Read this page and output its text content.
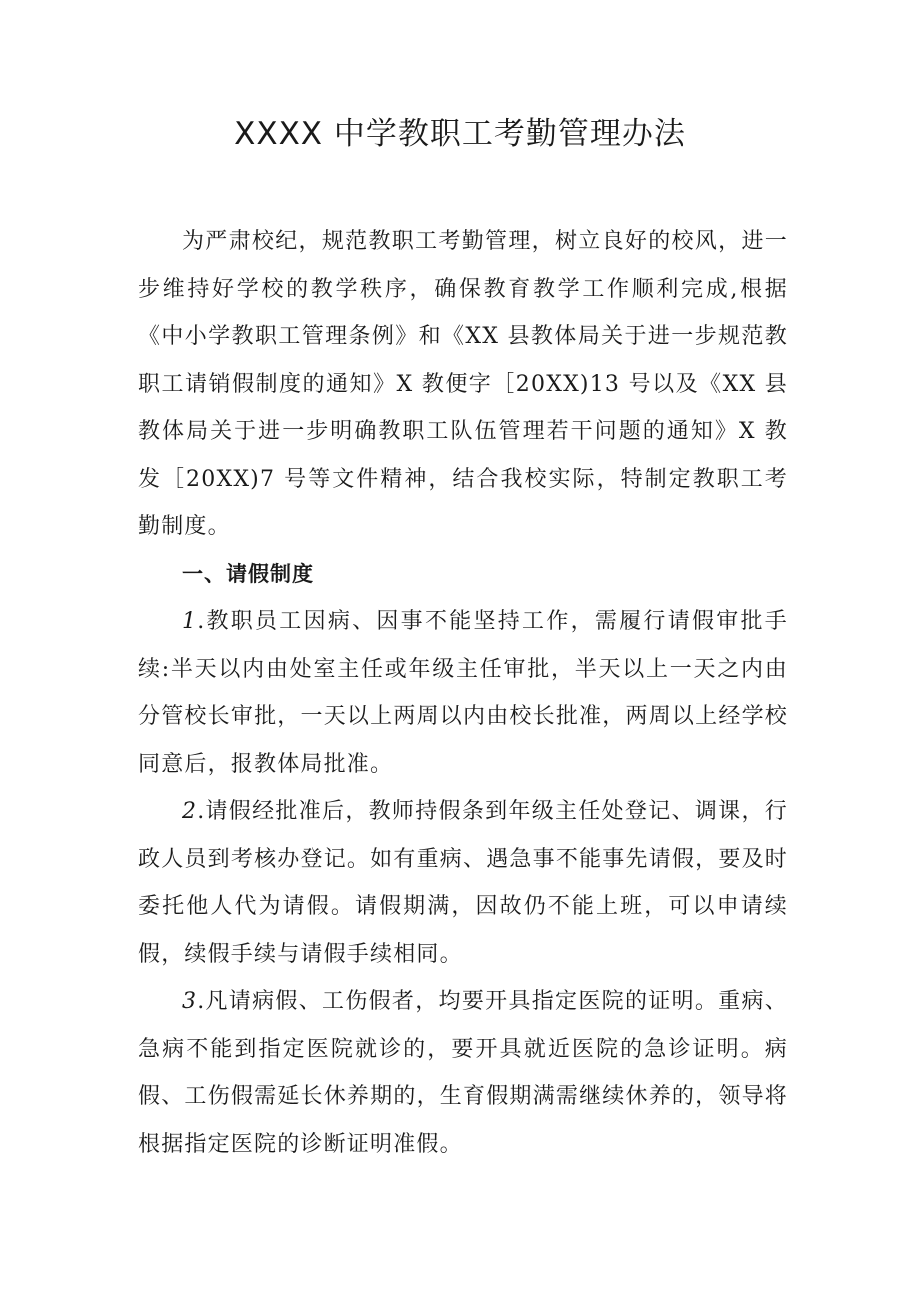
XXXX 中学教职工考勤管理办法

为严肃校纪，规范教职工考勤管理，树立良好的校风，进一步维持好学校的教学秩序，确保教育教学工作顺利完成,根据《中小学教职工管理条例》和《XX 县教体局关于进一步规范教职工请销假制度的通知》X 教便字［20XX)13 号以及《XX 县教体局关于进一步明确教职工队伍管理若干问题的通知》X 教发［20XX)7 号等文件精神，结合我校实际，特制定教职工考勤制度。

一、请假制度

1.教职员工因病、因事不能坚持工作，需履行请假审批手续:半天以内由处室主任或年级主任审批，半天以上一天之内由分管校长审批，一天以上两周以内由校长批准，两周以上经学校同意后，报教体局批准。

2.请假经批准后，教师持假条到年级主任处登记、调课，行政人员到考核办登记。如有重病、遇急事不能事先请假，要及时委托他人代为请假。请假期满，因故仍不能上班，可以申请续假，续假手续与请假手续相同。

3.凡请病假、工伤假者，均要开具指定医院的证明。重病、急病不能到指定医院就诊的，要开具就近医院的急诊证明。病假、工伤假需延长休养期的，生育假期满需继续休养的，领导将根据指定医院的诊断证明准假。
